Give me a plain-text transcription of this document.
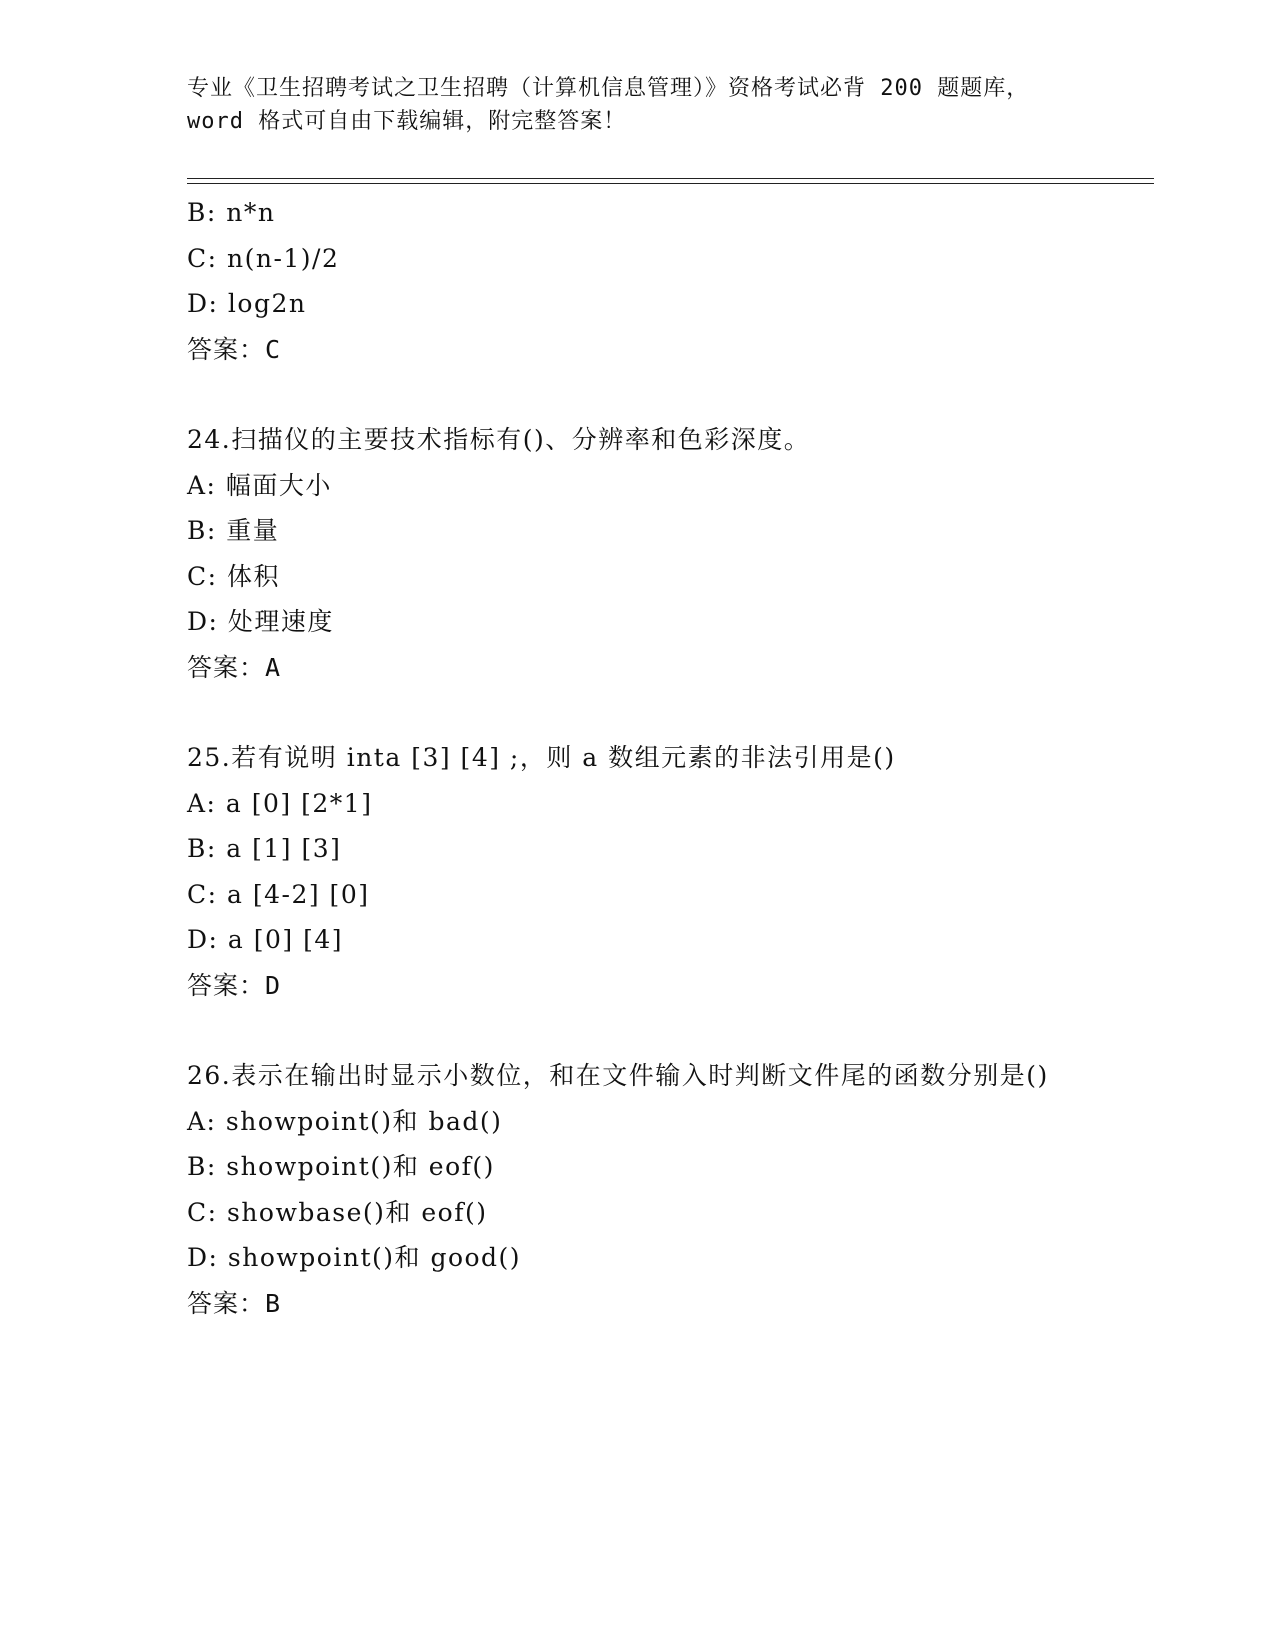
专业《卫生招聘考试之卫生招聘（计算机信息管理）》资格考试必背 200 题题库，
word 格式可自由下载编辑，附完整答案！
B: n*n
C: n(n-1)/2
D: log2n
答案：C
24.扫描仪的主要技术指标有()、分辨率和色彩深度。
A: 幅面大小
B: 重量
C: 体积
D: 处理速度
答案：A
25.若有说明 inta [3] [4] ;，则 a 数组元素的非法引用是()
A: a [0] [2*1]
B: a [1] [3]
C: a [4-2] [0]
D: a [0] [4]
答案：D
26.表示在输出时显示小数位，和在文件输入时判断文件尾的函数分别是()
A: showpoint()和 bad()
B: showpoint()和 eof()
C: showbase()和 eof()
D: showpoint()和 good()
答案：B
